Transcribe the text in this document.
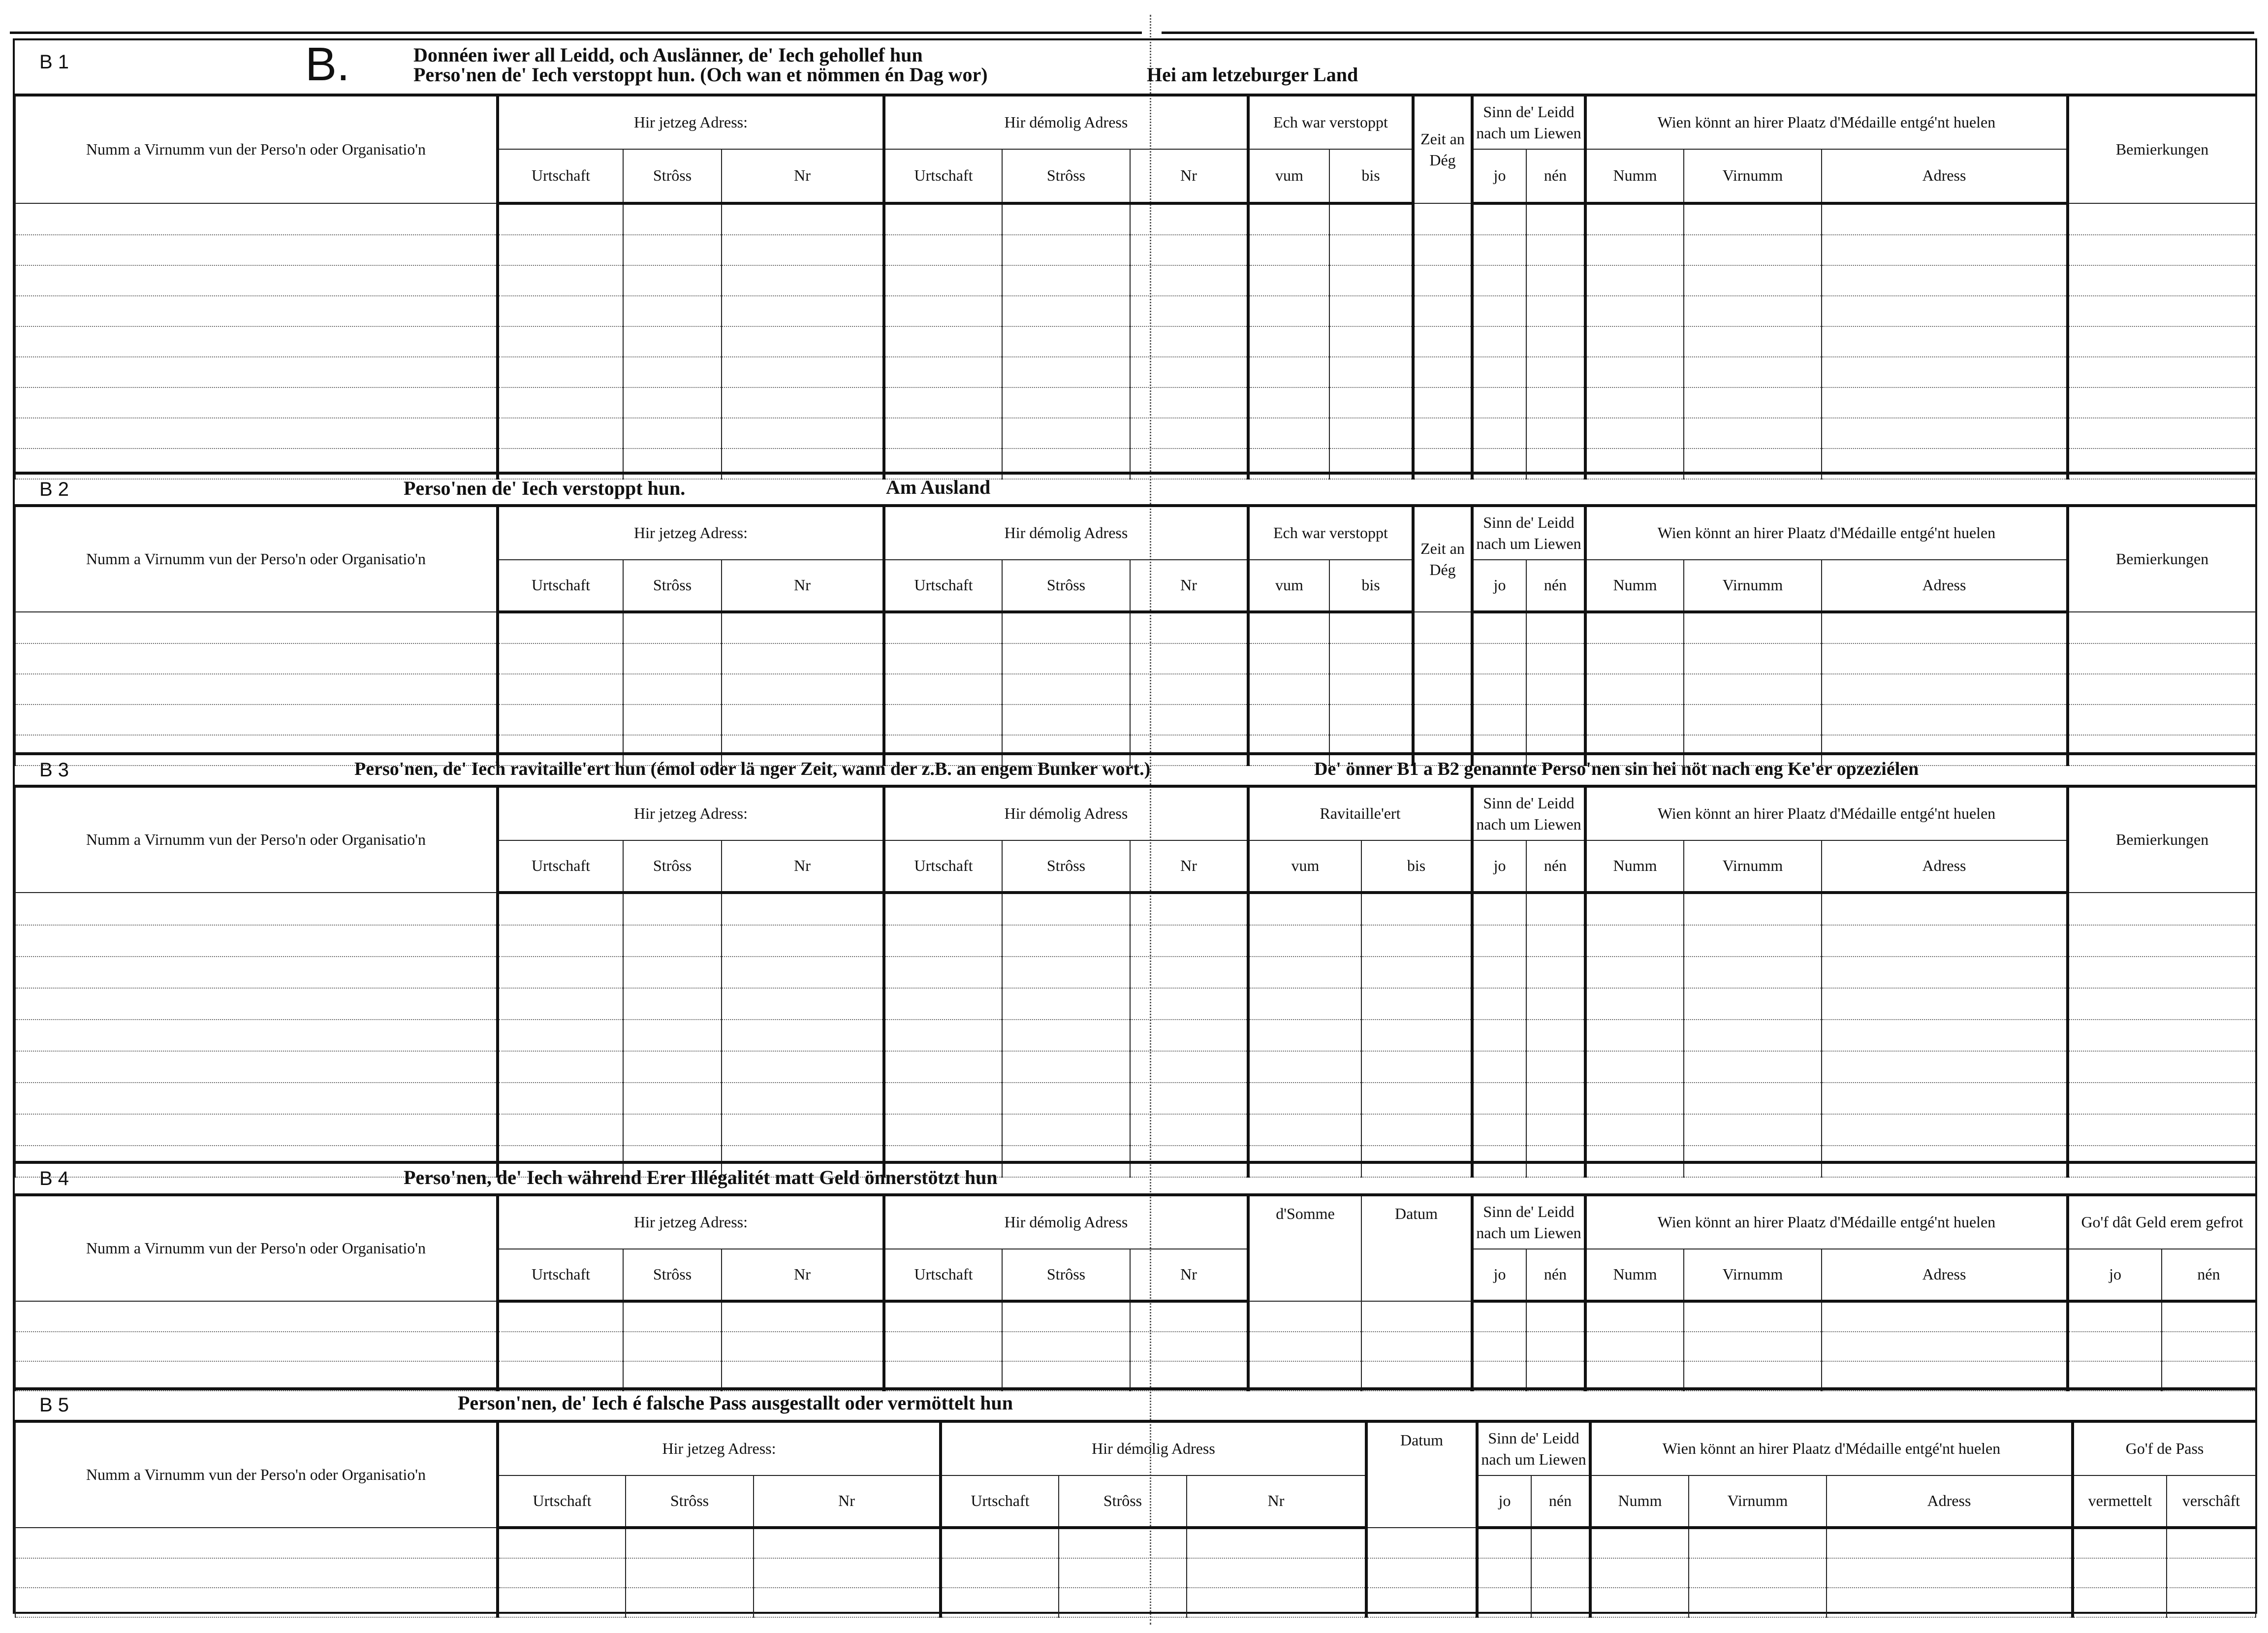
B 1	B.	Donnéen iwer all Leidd, och Auslänner, de' Iech gehollef hun
Perso'nen de' Iech verstoppt hun. (Och wan et nömmen én Dag wor)	Hei am letzeburger Land
Numm a Virnumm vun der Perso'n oder Organisatio'n	Hir jetzeg Adress:			Hir démolig Adress			Ech war verstoppt		Zeit an Dég	Sinn de' Leidd nach um Liewen		Wien könnt an hirer Plaatz d'Médaille entgé'nt huelen			Bemierkungen
	Urtschaft	Strôss	Nr	Urtschaft	Strôss	Nr	vum	bis		jo	nén	Numm	Virnumm	Adress	

B 2	Perso'nen de' Iech verstoppt hun.	Am Ausland
Numm a Virnumm vun der Perso'n oder Organisatio'n	Hir jetzeg Adress:			Hir démolig Adress			Ech war verstoppt		Zeit an Dég	Sinn de' Leidd nach um Liewen		Wien könnt an hirer Plaatz d'Médaille entgé'nt huelen			Bemierkungen
	Urtschaft	Strôss	Nr	Urtschaft	Strôss	Nr	vum	bis		jo	nén	Numm	Virnumm	Adress	

B 3	Perso'nen, de' Iech ravitaille'ert hun (émol oder lä nger Zeit, wann der z.B. an engem Bunker wort.)	De' önner B1 a B2 genannte Perso'nen sin hei nöt nach eng Ke'er opzeziélen
Numm a Virnumm vun der Perso'n oder Organisatio'n	Hir jetzeg Adress:			Hir démolig Adress			Ravitaille'ert		Sinn de' Leidd nach um Liewen		Wien könnt an hirer Plaatz d'Médaille entgé'nt huelen			Bemierkungen
	Urtschaft	Strôss	Nr	Urtschaft	Strôss	Nr	vum	bis	jo	nén	Numm	Virnumm	Adress	

B 4	Perso'nen, de' Iech während Erer Illégalitét matt Geld önnerstötzt hun
Numm a Virnumm vun der Perso'n oder Organisatio'n	Hir jetzeg Adress:			Hir démolig Adress			d'Somme	Datum	Sinn de' Leidd nach um Liewen		Wien könnt an hirer Plaatz d'Médaille entgé'nt huelen			Go'f dât Geld erem gefrot	
	Urtschaft	Strôss	Nr	Urtschaft	Strôss	Nr			jo	nén	Numm	Virnumm	Adress	jo	nén

B 5	Person'nen, de' Iech é falsche Pass ausgestallt oder vermöttelt hun
Numm a Virnumm vun der Perso'n oder Organisatio'n	Hir jetzeg Adress:			Hir démolig Adress			Datum	Sinn de' Leidd nach um Liewen		Wien könnt an hirer Plaatz d'Médaille entgé'nt huelen			Go'f de Pass	
	Urtschaft	Strôss	Nr	Urtschaft	Strôss	Nr		jo	nén	Numm	Virnumm	Adress	vermettelt	verschâft
